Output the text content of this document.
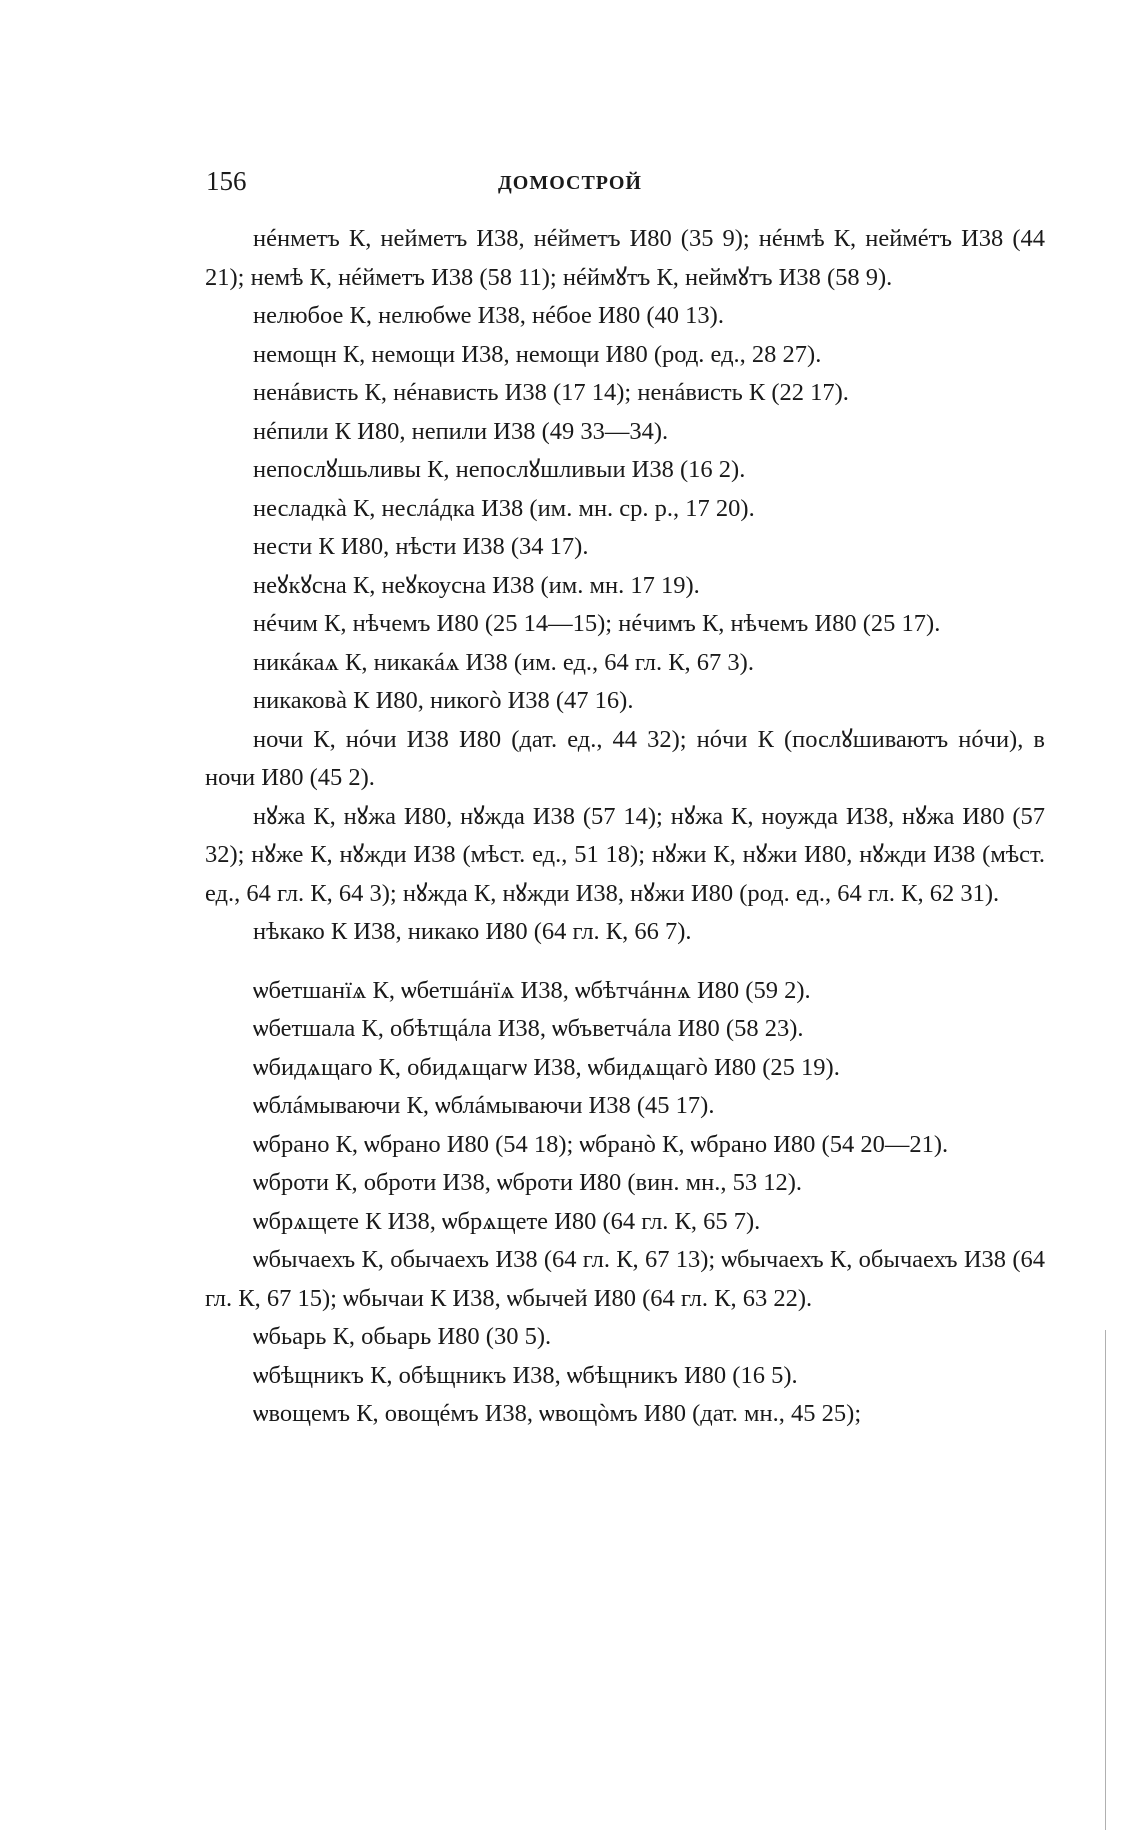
156	ДОМОСТРОЙ

нéнметъ К, нейметъ И38, нéйметъ И80 (35 9); нéнмѣ К, неймéтъ И38 (44 21); немѣ К, нéйметъ И38 (58 11); нéймꙋтъ К, неймꙋтъ И38 (58 9).

нелюбое К, нелюбѡе И38, нéбое И80 (40 13).

немощн К, немощи И38, немощи И80 (род. ед., 28 27).

ненáвисть К, нéнависть И38 (17 14); ненáвисть К (22 17).

нéпили К И80, непили И38 (49 33—34).

непослꙋшьливы К, непослꙋшливыи И38 (16 2).

несладкà К, неслáдка И38 (им. мн. ср. р., 17 20).

нести К И80, нѣсти И38 (34 17).

неꙋкꙋсна К, неꙋкоусна И38 (им. мн. 17 19).

нéчим К, нѣчемъ И80 (25 14—15); нéчимъ К, нѣчемъ И80 (25 17).

никáкаѧ К, никакáѧ И38 (им. ед., 64 гл. К, 67 3).

никаковà К И80, никогò И38 (47 16).

ночи К, нóчи И38 И80 (дат. ед., 44 32); нóчи К (послꙋшиваютъ нóчи), в ночи И80 (45 2).

нꙋжа К, нꙋжа И80, нꙋжда И38 (57 14); нꙋжа К, ноужда И38, нꙋжа И80 (57 32); нꙋже К, нꙋжди И38 (мѣст. ед., 51 18); нꙋжи К, нꙋжи И80, нꙋжди И38 (мѣст. ед., 64 гл. К, 64 3); нꙋжда К, нꙋжди И38, нꙋжи И80 (род. ед., 64 гл. К, 62 31).

нѣкако К И38, никако И80 (64 гл. К, 66 7).

ѡбетшанїѧ К, ѡбетшáнїѧ И38, ѡбѣтчáннѧ И80 (59 2).

ѡбетшала К, обѣтщáла И38, ѡбъветчáла И80 (58 23).

ѡбидѧщаго К, обидѧщагѡ И38, ѡбидѧщагò И80 (25 19).

ѡблáмываючи К, ѡблáмываючи И38 (45 17).

ѡбрано К, ѡбрано И80 (54 18); ѡбранò К, ѡбрано И80 (54 20—21).

ѡброти К, оброти И38, ѡброти И80 (вин. мн., 53 12).

ѡбрѧщете К И38, ѡбрѧщете И80 (64 гл. К, 65 7).

ѡбычаехъ К, обычаехъ И38 (64 гл. К, 67 13); ѡбычаехъ К, обычаехъ И38 (64 гл. К, 67 15); ѡбычаи К И38, ѡбычей И80 (64 гл. К, 63 22).

ѡбьарь К, обьарь И80 (30 5).

ѡбѣщникъ К, обѣщникъ И38, ѡбѣщникъ И80 (16 5).

ѡвощемъ К, овощéмъ И38, ѡвощòмъ И80 (дат. мн., 45 25);
